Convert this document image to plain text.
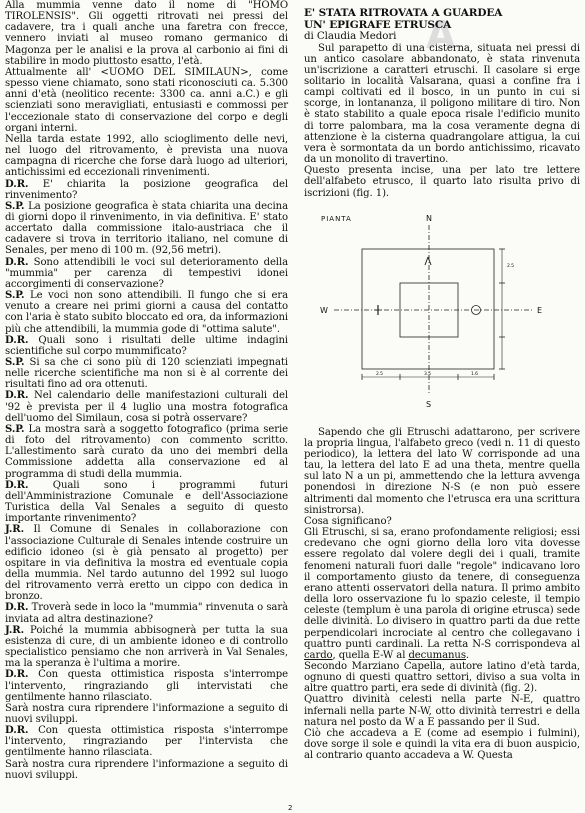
Alla mummia venne dato il nome di "HOMO TIROLENSIS". Gli oggetti ritrovati nei pressi del cadavere, tra i quali anche una faretra con frecce, vennero inviati al museo romano germanico di Magonza per le analisi e la prova al carbonio ai fini di stabilire in modo piuttosto esatto, l'età.

Attualmente all' <UOMO DEL SIMILAUN>, come spesso viene chiamato, sono stati riconosciuti ca. 5.300 anni d'età (neolitico recente: 3300 ca. anni a.C.) e gli scienziati sono meravigliati, entusiasti e commossi per l'eccezionale stato di conservazione del corpo e degli organi interni.

Nella tarda estate 1992, allo scioglimento delle nevi, nel luogo del ritrovamento, è prevista una nuova campagna di ricerche che forse darà luogo ad ulteriori, antichissimi ed eccezionali rinvenimenti.

D.R. E' chiarita la posizione geografica del rinvenimento?

S.P. La posizione geografica è stata chiarita una decina di giorni dopo il rinvenimento, in via definitiva. E' stato accertato dalla commissione italo-austriaca che il cadavere si trova in territorio italiano, nel comune di Senales, per meno di 100 m. (92,56 metri).

D.R. Sono attendibili le voci sul deterioramento della "mummia" per carenza di tempestivi idonei accorgimenti di conservazione?

S.P. Le voci non sono attendibili. Il fungo che si era venuto a creare nei primi giorni a causa del contatto con l'aria è stato subito bloccato ed ora, da informazioni più che attendibili, la mummia gode di "ottima salute".

D.R. Quali sono i risultati delle ultime indagini scientifiche sul corpo mummificato?

S.P. Si sa che ci sono più di 120 scienziati impegnati nelle ricerche scientifiche ma non si è al corrente dei risultati fino ad ora ottenuti.

D.R. Nel calendario delle manifestazioni culturali del '92 è prevista per il 4 luglio una mostra fotografica dell'uomo del Similaun, cosa si potrà osservare?

S.P. La mostra sarà a soggetto fotografico (prima serie di foto del ritrovamento) con commento scritto. L'allestimento sarà curato da uno dei membri della Commissione addetta alla conservazione ed al programma di studi della mummia.

D.R. Quali sono i programmi futuri dell'Amministrazione Comunale e dell'Associazione Turistica della Val Senales a seguito di questo importante rinvenimento?

J.R. Il Comune di Senales in collaborazione con l'associazione Culturale di Senales intende costruire un edificio idoneo (si è già pensato al progetto) per ospitare in via definitiva la mostra ed eventuale copia della mummia. Nel tardo autunno del 1992 sul luogo del ritrovamento verrà eretto un cippo con dedica in bronzo.

D.R. Troverà sede in loco la "mummia" rinvenuta o sarà inviata ad altra destinazione?

J.R. Poiché la mummia abbisognerà per tutta la sua esistenza di cure, di un ambiente idoneo e di controllo specialistico pensiamo che non arriverà in Val Senales, ma la speranza è l'ultima a morire.

D.R. Con questa ottimistica risposta s'interrompe l'intervento, ringraziando gli intervistati che gentilmente hanno rilasciato.

Sarà nostra cura riprendere l'informazione a seguito di nuovi sviluppi.

D.R. Con questa ottimistica risposta s'interrompe l'intervento, ringraziando per l'intervista che gentilmente hanno rilasciata.

Sarà nostra cura riprendere l'informazione a seguito di nuovi sviluppi.

A

E' STATA RITROVATA A GUARDEA

UN' EPIGRAFE ETRUSCA

di Claudia Medori

Sul parapetto di una cisterna, situata nei pressi di un antico casolare abbandonato, è stata rinvenuta un'iscrizione a caratteri etruschi. Il casolare si erge solitario in località Valsarana, quasi a confine fra i campi coltivati ed il bosco, in un punto in cui si scorge, in lontananza, il poligono militare di tiro. Non è stato stabilito a quale epoca risale l'edificio munito di torre palombara, ma la cosa veramente degna di attenzione è la cisterna quadrangolare attigua, la cui vera è sormontata da un bordo antichissimo, ricavato da un monolito di travertino.

Questo presenta incise, una per lato tre lettere dell'alfabeto etrusco, il quarto lato risulta privo di iscrizioni (fig. 1).

PIANTA	N
S
W	E
2.5	3.5	1.6
2.5

Sapendo che gli Etruschi adattarono, per scrivere la propria lingua, l'alfabeto greco (vedi n. 11 di questo periodico), la lettera del lato W corrisponde ad una tau, la lettera del lato E ad una theta, mentre quella sul lato N a un pi, ammettendo che la lettura avvenga ponendosi in direzione N-S (e non può essere altrimenti dal momento che l'etrusca era una scrittura sinistrorsa).

Cosa significano?

Gli Etruschi, si sa, erano profondamente religiosi; essi credevano che ogni giorno della loro vita dovesse essere regolato dal volere degli dei i quali, tramite fenomeni naturali fuori dalle "regole" indicavano loro il comportamento giusto da tenere, di conseguenza erano attenti osservatori della natura. Il primo ambito della loro osservazione fu lo spazio celeste, il tempio celeste (templum è una parola di origine etrusca) sede delle divinità. Lo divisero in quattro parti da due rette perpendicolari incrociate al centro che collegavano i quattro punti cardinali. La retta N-S corrispondeva al cardo, quella E-W al decumanus.

Secondo Marziano Capella, autore latino d'età tarda, ognuno di questi quattro settori, diviso a sua volta in altre quattro parti, era sede di divinità (fig. 2).

Quattro divinità celesti nella parte N-E, quattro infernali nella parte N-W, otto divinità terrestri e della natura nel posto da W a E passando per il Sud.

Ciò che accadeva a E (come ad esempio i fulmini), dove sorge il sole e quindi la vita era di buon auspicio, al contrario quanto accadeva a W. Questa

2
